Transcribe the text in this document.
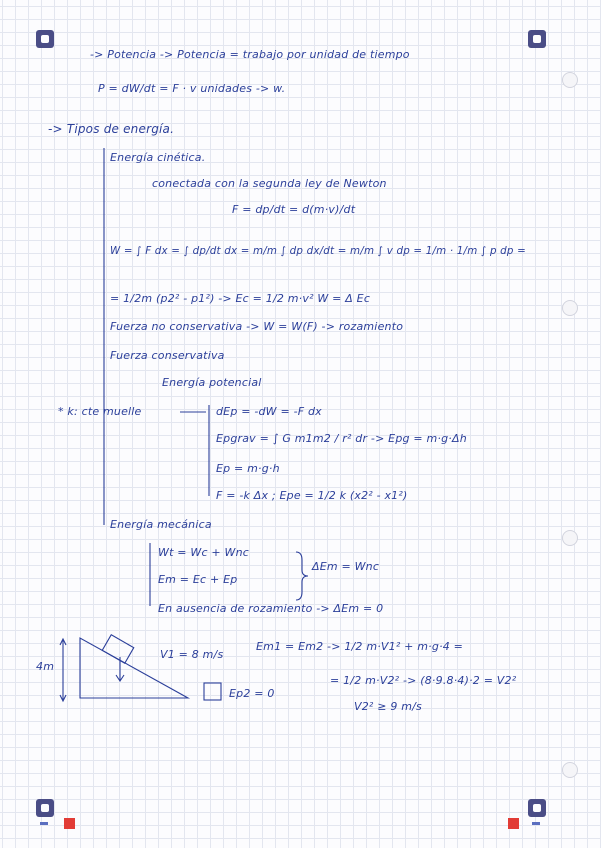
-> Potencia -> Potencia = trabajo por unidad de tiempo
P = dW/dt = F · v unidades -> w.
-> Tipos de energía.
Energía cinética.
conectada con la segunda ley de Newton
F = dp/dt = d(m·v)/dt
W = ∫ F dx = ∫ dp/dt dx = m/m ∫ dp dx/dt = m/m ∫ v dp = 1/m · 1/m ∫ p dp =
= 1/2m (p2² - p1²) -> Ec = 1/2 m·v² W = Δ Ec
Fuerza no conservativa -> W = W(F) -> rozamiento
Fuerza conservativa
Energía potencial
* k: cte muelle	dEp = -dW = -F dx
Epgrav = ∫ G m1m2 / r² dr -> Epg = m·g·Δh
Ep = m·g·h
F = -k Δx ; Epe = 1/2 k (x2² - x1²)
Energía mecánica
Wt = Wc + Wnc
Em = Ec + Ep
ΔEm = Wnc
En ausencia de rozamiento -> ΔEm = 0
4m
V1 = 8 m/s
Em1 = Em2 -> 1/2 m·V1² + m·g·4 =
= 1/2 m·V2² -> (8·9.8·4)·2 = V2²
V2² ≥ 9 m/s
Ep2 = 0
